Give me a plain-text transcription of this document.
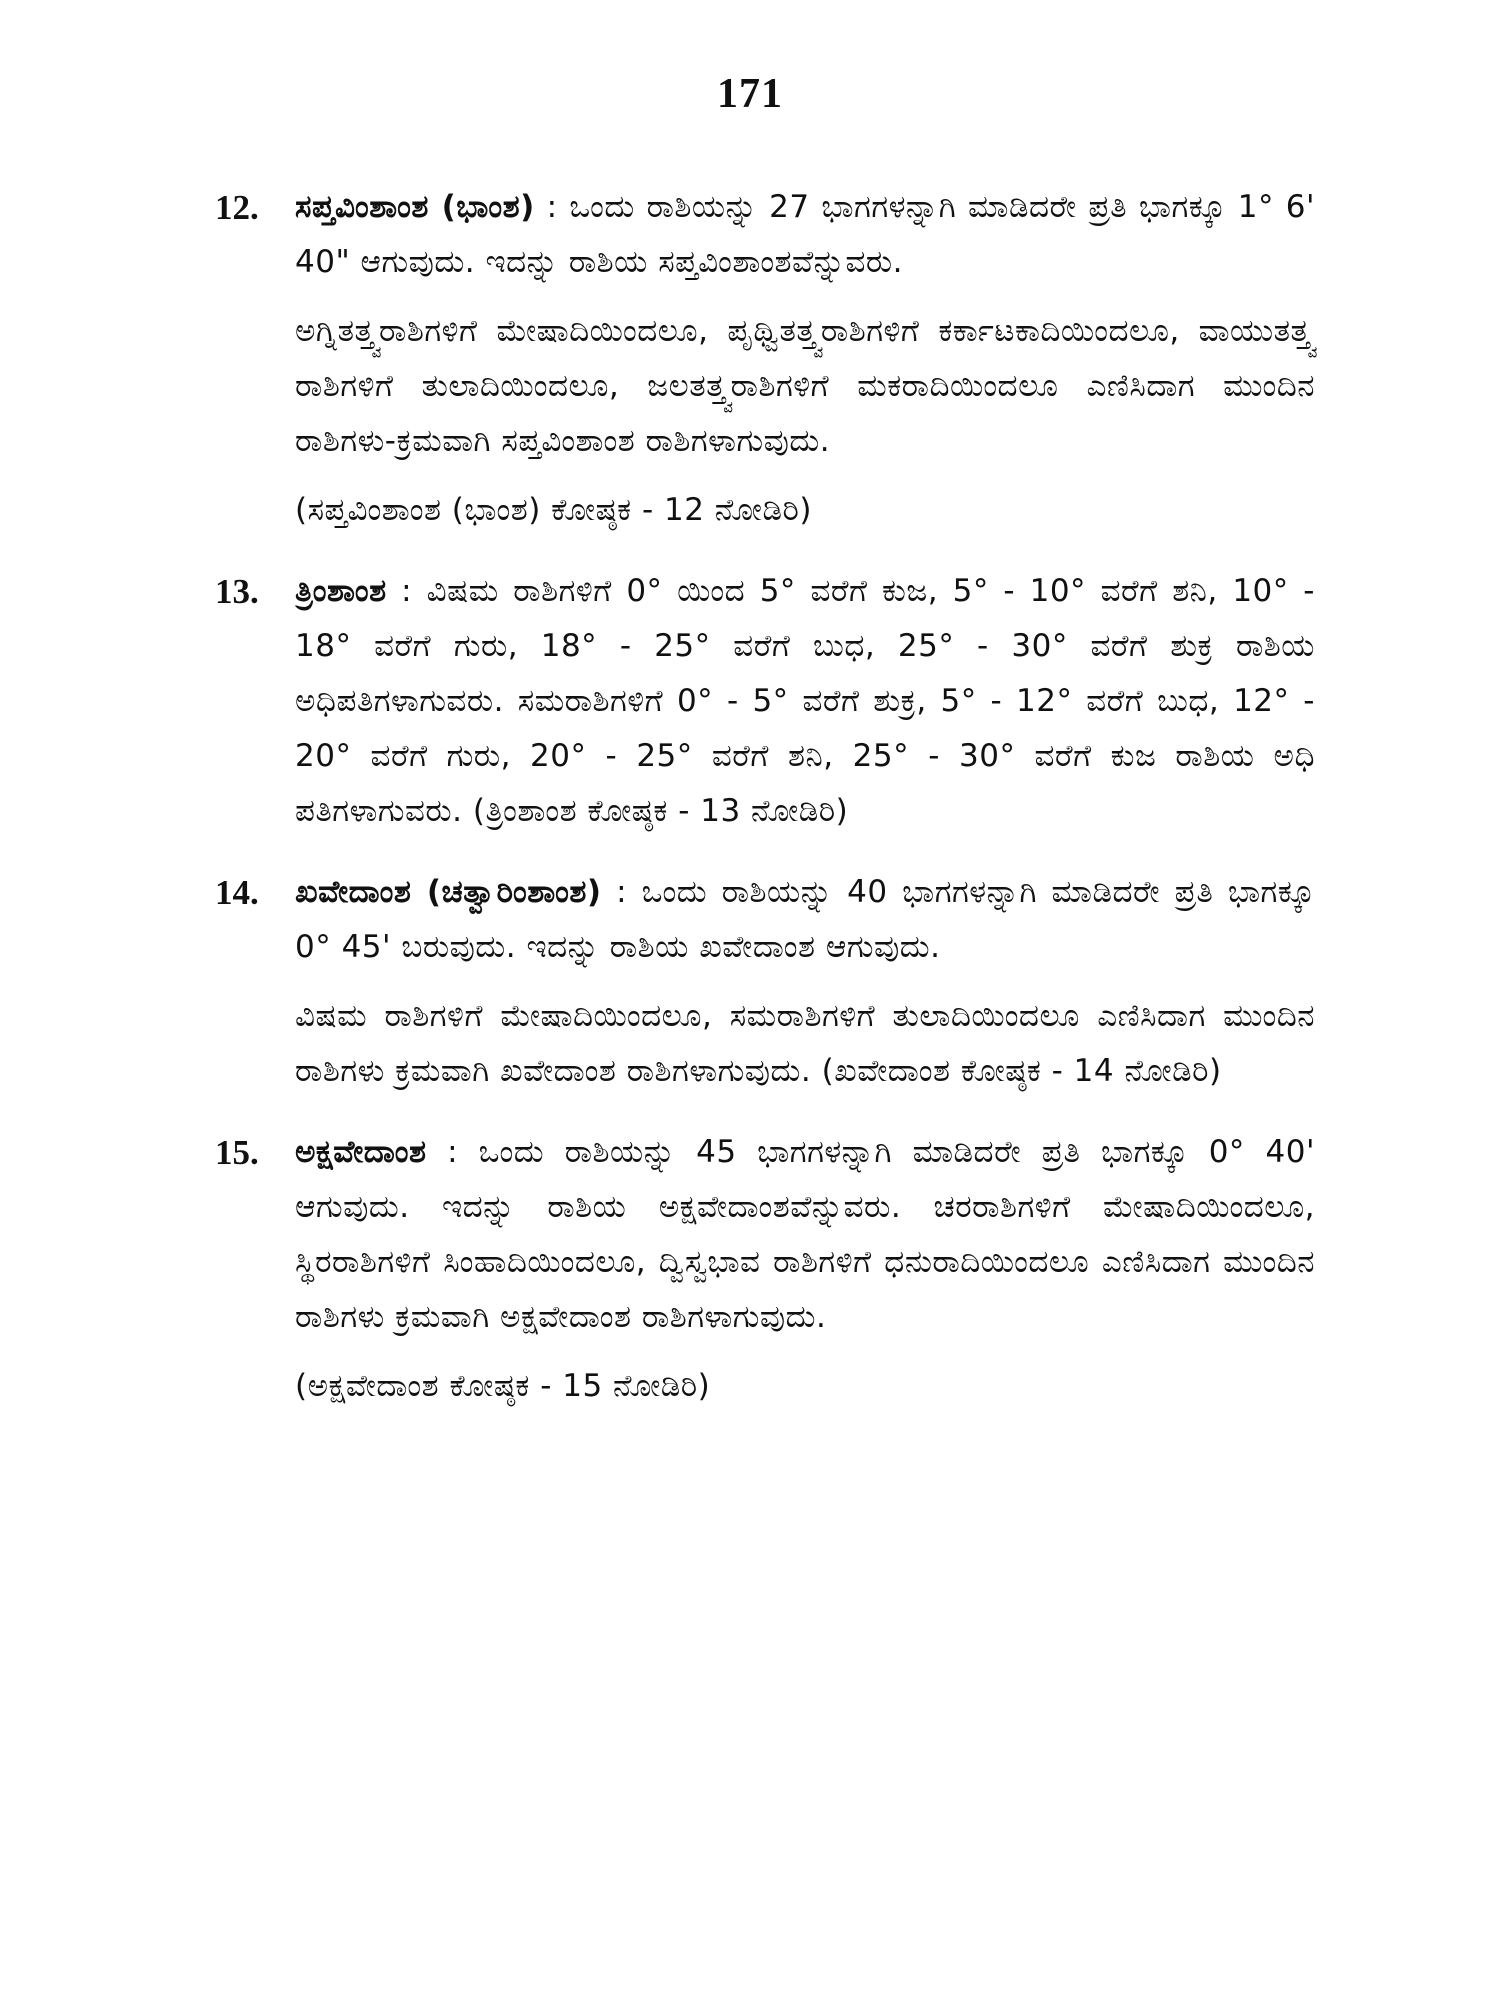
171
12.	ಸಪ್ತವಿಂಶಾಂಶ (ಭಾಂಶ) : ಒಂದು ರಾಶಿಯನ್ನು 27 ಭಾಗಗಳನ್ನಾಗಿ ಮಾಡಿದರೇ ಪ್ರತಿ ಭಾಗಕ್ಕೂ 1° 6' 40" ಆಗುವುದು. ಇದನ್ನು ರಾಶಿಯ ಸಪ್ತವಿಂಶಾಂಶವೆನ್ನುವರು.

ಅಗ್ನಿತತ್ತ್ವರಾಶಿಗಳಿಗೆ ಮೇಷಾದಿಯಿಂದಲೂ, ಪೃಥ್ವಿತತ್ತ್ವರಾಶಿಗಳಿಗೆ ಕರ್ಕಾಟಕಾದಿಯಿಂದಲೂ, ವಾಯುತತ್ತ್ವ ರಾಶಿಗಳಿಗೆ ತುಲಾದಿಯಿಂದಲೂ, ಜಲತತ್ತ್ವರಾಶಿಗಳಿಗೆ ಮಕರಾದಿಯಿಂದಲೂ ಎಣಿಸಿದಾಗ ಮುಂದಿನ ರಾಶಿಗಳು-ಕ್ರಮವಾಗಿ ಸಪ್ತವಿಂಶಾಂಶ ರಾಶಿಗಳಾಗುವುದು.

(ಸಪ್ತವಿಂಶಾಂಶ (ಭಾಂಶ) ಕೋಷ್ಠಕ - 12 ನೋಡಿರಿ)

13.	ತ್ರಿಂಶಾಂಶ : ವಿಷಮ ರಾಶಿಗಳಿಗೆ 0° ಯಿಂದ 5° ವರೆಗೆ ಕುಜ, 5° - 10° ವರೆಗೆ ಶನಿ, 10° - 18° ವರೆಗೆ ಗುರು, 18° - 25° ವರೆಗೆ ಬುಧ, 25° - 30° ವರೆಗೆ ಶುಕ್ರ ರಾಶಿಯ ಅಧಿಪತಿಗಳಾಗುವರು. ಸಮರಾಶಿಗಳಿಗೆ 0° - 5° ವರೆಗೆ ಶುಕ್ರ, 5° - 12° ವರೆಗೆ ಬುಧ, 12° - 20° ವರೆಗೆ ಗುರು, 20° - 25° ವರೆಗೆ ಶನಿ, 25° - 30° ವರೆಗೆ ಕುಜ ರಾಶಿಯ ಅಧಿ ಪತಿಗಳಾಗುವರು. (ತ್ರಿಂಶಾಂಶ ಕೋಷ್ಠಕ - 13 ನೋಡಿರಿ)

14.	ಖವೇದಾಂಶ (ಚತ್ವಾರಿಂಶಾಂಶ) : ಒಂದು ರಾಶಿಯನ್ನು 40 ಭಾಗಗಳನ್ನಾಗಿ ಮಾಡಿದರೇ ಪ್ರತಿ ಭಾಗಕ್ಕೂ 0° 45' ಬರುವುದು. ಇದನ್ನು ರಾಶಿಯ ಖವೇದಾಂಶ ಆಗುವುದು.

ವಿಷಮ ರಾಶಿಗಳಿಗೆ ಮೇಷಾದಿಯಿಂದಲೂ, ಸಮರಾಶಿಗಳಿಗೆ ತುಲಾದಿಯಿಂದಲೂ ಎಣಿಸಿದಾಗ ಮುಂದಿನ ರಾಶಿಗಳು ಕ್ರಮವಾಗಿ ಖವೇದಾಂಶ ರಾಶಿಗಳಾಗುವುದು. (ಖವೇದಾಂಶ ಕೋಷ್ಠಕ - 14 ನೋಡಿರಿ)

15.	ಅಕ್ಷವೇದಾಂಶ : ಒಂದು ರಾಶಿಯನ್ನು 45 ಭಾಗಗಳನ್ನಾಗಿ ಮಾಡಿದರೇ ಪ್ರತಿ ಭಾಗಕ್ಕೂ 0° 40' ಆಗುವುದು. ಇದನ್ನು ರಾಶಿಯ ಅಕ್ಷವೇದಾಂಶವೆನ್ನುವರು. ಚರರಾಶಿಗಳಿಗೆ ಮೇಷಾದಿಯಿಂದಲೂ, ಸ್ಥಿರರಾಶಿಗಳಿಗೆ ಸಿಂಹಾದಿಯಿಂದಲೂ, ದ್ವಿಸ್ವಭಾವ ರಾಶಿಗಳಿಗೆ ಧನುರಾದಿಯಿಂದಲೂ ಎಣಿಸಿದಾಗ ಮುಂದಿನ ರಾಶಿಗಳು ಕ್ರಮವಾಗಿ ಅಕ್ಷವೇದಾಂಶ ರಾಶಿಗಳಾಗುವುದು.

(ಅಕ್ಷವೇದಾಂಶ ಕೋಷ್ಠಕ - 15 ನೋಡಿರಿ)
